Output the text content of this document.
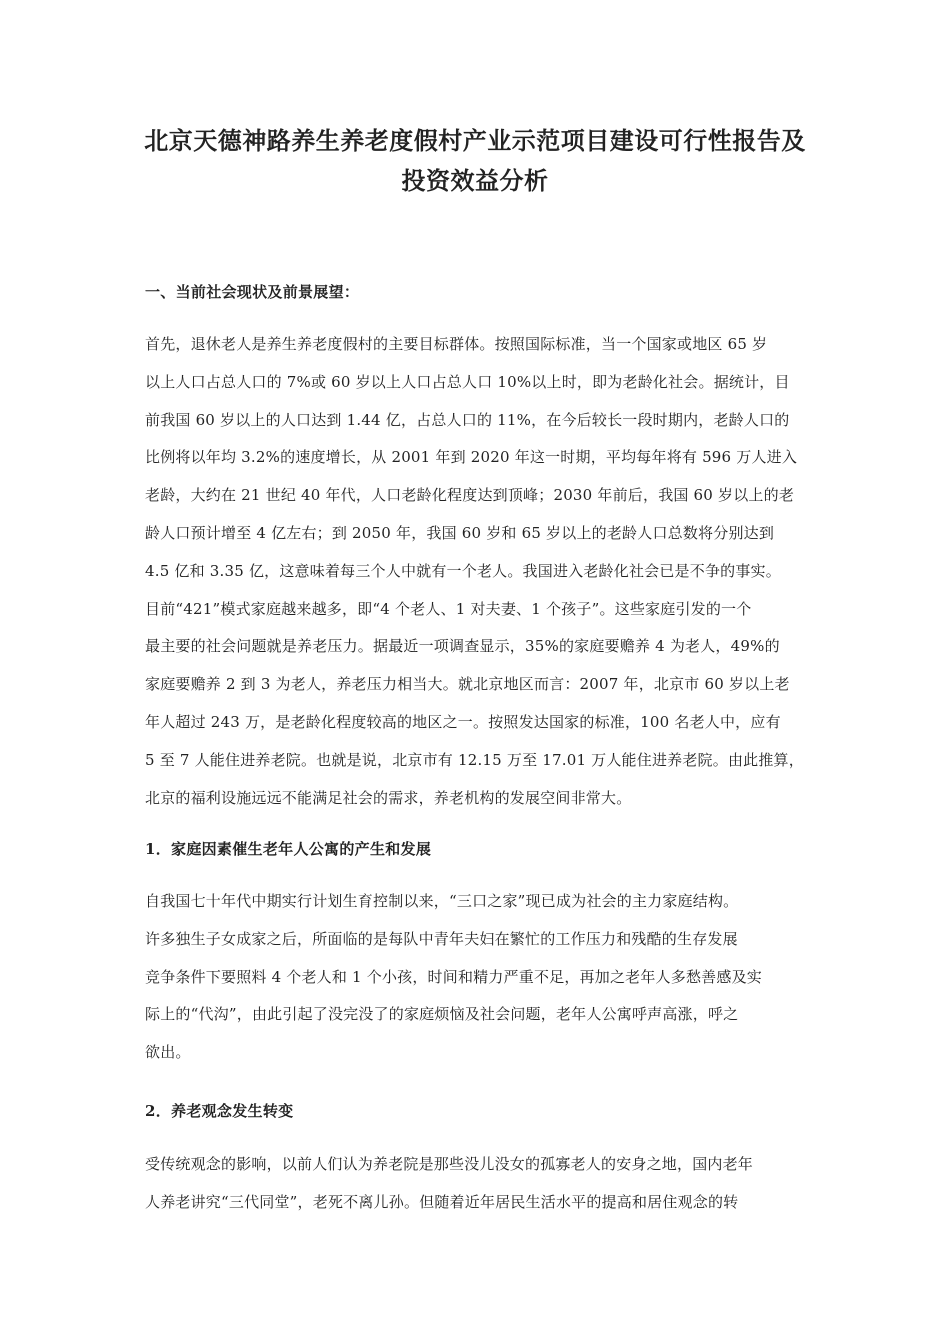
北京天德神路养生养老度假村产业示范项目建设可行性报告及
投资效益分析
一、当前社会现状及前景展望：
首先，退休老人是养生养老度假村的主要目标群体。按照国际标准，当一个国家或地区 65 岁
以上人口占总人口的 7%或 60 岁以上人口占总人口 10%以上时，即为老龄化社会。据统计，目
前我国 60 岁以上的人口达到 1.44 亿，占总人口的 11%，在今后较长一段时期内，老龄人口的
比例将以年均 3.2%的速度增长，从 2001 年到 2020 年这一时期，平均每年将有 596 万人进入
老龄，大约在 21 世纪 40 年代，人口老龄化程度达到顶峰；2030 年前后，我国 60 岁以上的老
龄人口预计增至 4 亿左右；到 2050 年，我国 60 岁和 65 岁以上的老龄人口总数将分别达到
4.5 亿和 3.35 亿，这意味着每三个人中就有一个老人。我国进入老龄化社会已是不争的事实。
目前“421”模式家庭越来越多，即“4 个老人、1 对夫妻、1 个孩子”。这些家庭引发的一个
最主要的社会问题就是养老压力。据最近一项调查显示，35%的家庭要赡养 4 为老人，49%的
家庭要赡养 2 到 3 为老人，养老压力相当大。就北京地区而言：2007 年，北京市 60 岁以上老
年人超过 243 万，是老龄化程度较高的地区之一。按照发达国家的标准，100 名老人中，应有
5 至 7 人能住进养老院。也就是说，北京市有 12.15 万至 17.01 万人能住进养老院。由此推算，
北京的福利设施远远不能满足社会的需求，养老机构的发展空间非常大。
1．家庭因素催生老年人公寓的产生和发展
自我国七十年代中期实行计划生育控制以来，“三口之家”现已成为社会的主力家庭结构。
许多独生子女成家之后，所面临的是每队中青年夫妇在繁忙的工作压力和残酷的生存发展
竞争条件下要照料 4 个老人和 1 个小孩，时间和精力严重不足，再加之老年人多愁善感及实
际上的“代沟”，由此引起了没完没了的家庭烦恼及社会问题，老年人公寓呼声高涨，呼之
欲出。
2．养老观念发生转变
受传统观念的影响，以前人们认为养老院是那些没儿没女的孤寡老人的安身之地，国内老年
人养老讲究“三代同堂”，老死不离儿孙。但随着近年居民生活水平的提高和居住观念的转
